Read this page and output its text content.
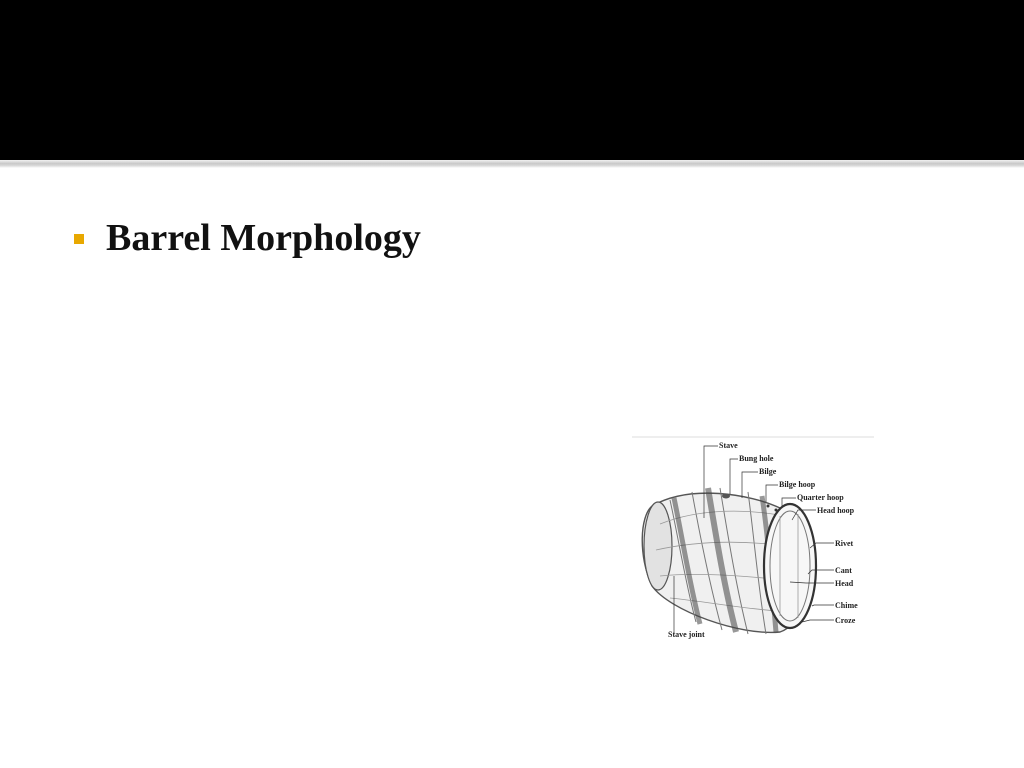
Barrel Morphology
Stave
Bung hole
Bilge
Bilge hoop
Quarter hoop
Head hoop
Rivet
Cant
Head
Chime
Croze
Stave joint
